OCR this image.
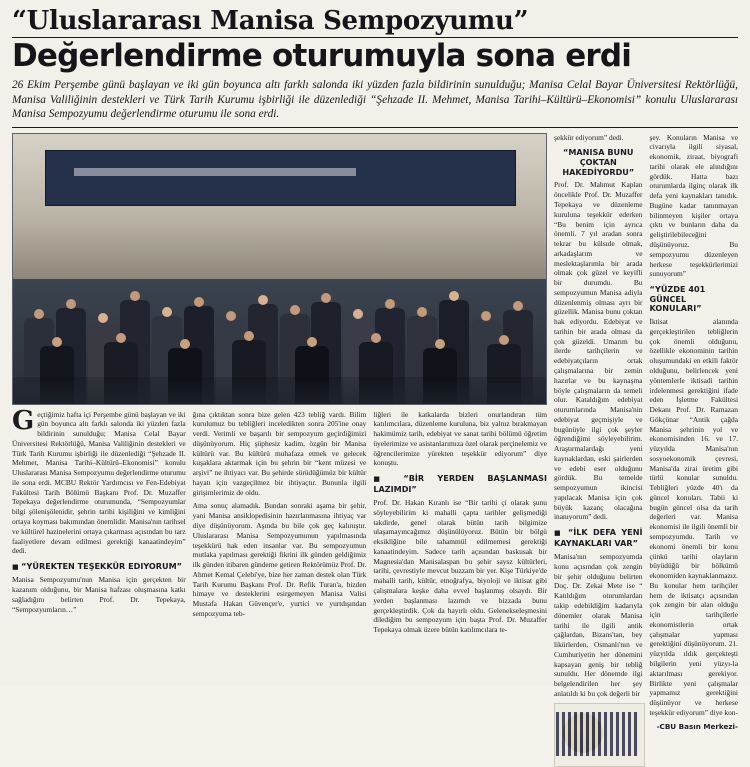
“Uluslararası Manisa Sempozyumu”
Değerlendirme oturumuyla sona erdi
26 Ekim Perşembe günü başlayan ve iki gün boyunca altı farklı salonda iki yüzden fazla bildirinin sunulduğu; Manisa Celal Bayar Üniversitesi Rektörlüğü, Manisa Valiliğinin destekleri ve Türk Tarih Kurumu işbirliği ile düzenlediği “Şehzade II. Mehmet, Manisa Tarihi–Kültürü–Ekonomisi” konulu Uluslararası Manisa Sempozyumu değerlendirme oturumu ile sona erdi.

Geçtiğimiz hafta içi Perşembe günü başlayan ve iki gün boyunca altı farklı salonda iki yüzden fazla bildirinin sunulduğu; Manisa Celal Bayar Üniversitesi Rektörlüğü, Manisa Valiliğinin destekleri ve Türk Tarih Kurumu işbirliği ile düzenlediği “Şehzade II. Mehmet, Manisa Tarihi–Kültürü–Ekonomisi” konulu Uluslararası Manisa Sempozyumu değerlendirme oturumu ile sona erdi. MCBU Rektör Yardımcısı ve Fen-Edebiyat Fakültesi Tarih Bölümü Başkanı Prof. Dr. Muzaffer Tepekaya değerlendirme oturumunda, “Sempozyumlar bilgi şölenişölenidir, şehrin tarihi kişiliğini ve kimliğini ortaya koyması bakımından önemlidir. Manisa'nın tarihsel ve kültürel hazinelerini ortaya çıkarması açısından bu tarz faaliyetlere devam edilmesi gerektiği kanaatindeyim” dedi.

■ “YÜREKTEN TEŞEKKÜR EDIYORUM”

Manisa Sempozyumu'nun Manisa için gerçekten bir kazanım olduğunu, bir Manisa hafzası oluşmasına katkı sağladığını belirten Prof. Dr. Tepekaya, “Sempozyumların…”

ğına çıktıktan sonra bize gelen 423 tebliğ vardı. Bilim kurulumuz bu tebliğleri inceledikten sonra 205'ine onay verdi. Verimli ve başarılı bir sempozyum geçirdiğimizi düşünüyorum. Hiç şüphesiz kadim, özgün bir Manisa kültürü var. Bu kültürü muhafaza etmek ve gelecek kuşaklara aktarmak için bu şehrin bir “kent müzesi ve arşivi” ne ihtiyacı var. Bu şehirde sürüdüğümüz bir kültür hayatı için vazgeçilmez bir ihtiyaçtır. Bununla ilgili girişimlerimiz de oldu.

Ama sonuç alamadık. Bundan sonraki aşama bir şehir, yani Manisa ansiklopedisinin hazırlanmasına ihtiyaç var diye düşünüyorum. Aşında bu bile çok geç kalınıştır. Uluslararası Manisa Sempozyumunun yapılmasında teşekkürü hak eden insanlar var. Bu sempozyumun mutlaka yapılması gerektiği fikrini ilk günden geldiğimiz ilk günden itibaren gündeme getiren Rektörümüz Prof. Dr. Ahmet Kemal Çelebi'ye, bize her zaman destek olan Türk Tarih Kurumu Başkanı Prof. Dr. Refik Turan'a, bizden himaye ve desteklerini esirgemeyen Manisa Valisi Mustafa Hakan Güvençer'e, yurtici ve yurtdışından sempozyuma teb-

liğleri ile katkalarda bizleri onurlandıran tüm katılımcılara, düzenleme kuruluna, biz yalnız bırakmayan hakimümiz tarih, edebiyat ve sanat tarihi bölümü öğretim üyelerimize ve asistanlarımıza özel olarak perçinelemiz ve öğrencilerimize yürekten teşekkür ediyorum” diye konuştu.

■ “BİR YERDEN BAŞLANMASI LAZIMDI”

Prof. Dr. Hakan Kıranlı ise “Bir tarihi çi olarak şunu söyleyebilirim ki mahalli çapta tarihler gelişmediği takdirde, genel olarak bütün tarih bilgimize ulaşamayıncağımız düşünülüyoruz. Bütün bir bölgü eksikliğine bile tahammül edilmemesi gerektiği kanaatindeyim. Sadece tarih açısından baskusak bir Magnesia'dan Manisalaspan bu şehir saysz kültürleri, tarihi, çevrestiyle mevcut buzzam bir yer. Kişe Türkiye'de mahalli tarih, kültür, etnoğrafya, biyoloji ve iktisat gibi çalışmalara keşke daha evvel başlanmış olsaydı. Bir yerden başlanması lazımdı ve bizzada bunu gerçekleştirdik. Çok da hayırlı oldu. Gelenekseleşmesini dilediğim bu sempozyum için başta Prof. Dr. Muzaffer Tepekaya olmak üzere bütün katılımcılara te-

şekkür ediyorum” dedi.

“MANISA BUNU ÇOKTAN HAKEDİYORDU”

Prof. Dr. Mahmut Kaplan öncelikle Prof. Dr. Muzaffer Tepekaya ve düzenleme kuruluna teşekkür ederken “Bu benim için ayrıca önemli. 7 yıl aradan sonra tekrar bu külsıde olmak, arkadaşlarım ve meslektaşlarımla bir arada olmak çok güzel ve keyifli bir durumdu. Bu sempozyumun Manisa adiyla düzenlenmiş olması ayrı bir güzellik. Manisa bunu çoktan hak ediyordu. Edebiyat ve tarihin bir arada olması da çok güzeldi. Umarım bu ilerde tarihçilerin ve edebiyatçıların ortak çalışmalarına bir zemin hazırlar ve bu kaynaşma böyle çalışmaların da temeli olur. Kataldığım edebiyat oturumlarında Manisa'nin edebiyat geçmişiyle ve bugünüyle ilgi çok şeyler öğrendiğimi söyleyebilirim. Araştırmalardağı yeni kaynaklardan, eski şairlerden ve edebi eser olduğunu gördük. Bu temelde sempozyumun ikincisi yapılacak Manisa için çok büyük kazanç olacağına inanıyorum” dedi.

■ “İLK DEFA YENİ KAYNAKLARI VAR”

Manisa'nın sempozyumda konu açısından çok zengin bir şehir olduğunu belirten Doç. Dr. Zekai Mete ise “ Katıldığım oturumlardan takip edebildiğim kadarıyla dönemler olarak Manisa tarihi ile ilgili antik çağlardan, Bizans'tan, bey likürlerden, Osmanlı'nın ve Cumhuriyetin her dönemini kapsayan geniş bir tebliğ sunuldu. Her dönemde ilgi belgelendirilen her şey anlatıldı ki bu çok değerli bir

şey. Konuların Manisa ve civarıyla ilgili siyasal, ekonomik, ziraat, biyografi tarihi olarak ele alındığını gördük. Hatta bazı oturumlarda ilginç olarak ilk defa yeni kaynakları tanıdık. Bugüne kadar tanınmayan bilinmeyen kişiler ortaya çıktı ve bunların daha da geliştirilebileceğini düşünüyoruz. Bu sempozyumu düzenleyen herkese teşekkürlerimizi sunuyorum”

“YÜZDE 401 GÜNCEL KONULARI”

İktisat alanında gerçekleştirilen tebliğlerin çok önemli olduğunu, özellikle ekonominin tarihin oluşumundaki en etkili faktör olduğunu, belirlencek yeni yöntemlerle iktisadi tarihin irdelenmesi gerektiğini ifade eden İşletme Fakültesi Dekanı Prof. Dr. Ramazan Gökçünar “Antik çağda Manisa şehrinin yol ve ekonomisinden 16. ve 17. yüzyılda Manisa'nın sosyoekonomik çevresi, Manisa'da zirai üretim gibi türlü konular sunuldu. Tebliğleri yüzde 40'ı da güncel konuları. Tabii ki bugün güncel olsa da tarih değerleri var. Manisa ekonomisi ile ilgili önemli bir sempozyumdu. Tarih ve ekonomi önemli bir konu çünkü tarihi olayların büyüdüğü bir bölkümü ekonomiden kaynaklanmazız. Bu konular hem tarihçiler hem de iktisatçı açısından çok zengin bir alan olduğu için tarihçilerle ekonomistlerin ortak çalışmalar yapması gerektiğini düşünüyorum. 21. yüzyılda ıldık gerçekteşti bilgilerin yeni yüzyı-la aktarılması gerekiyor. Birlikte yeni çalışmalar yapmamız gerektiğini düşünüyor ve herkese teşekkür ediyorum” diye kon-

-CBU Basın Merkezi-
